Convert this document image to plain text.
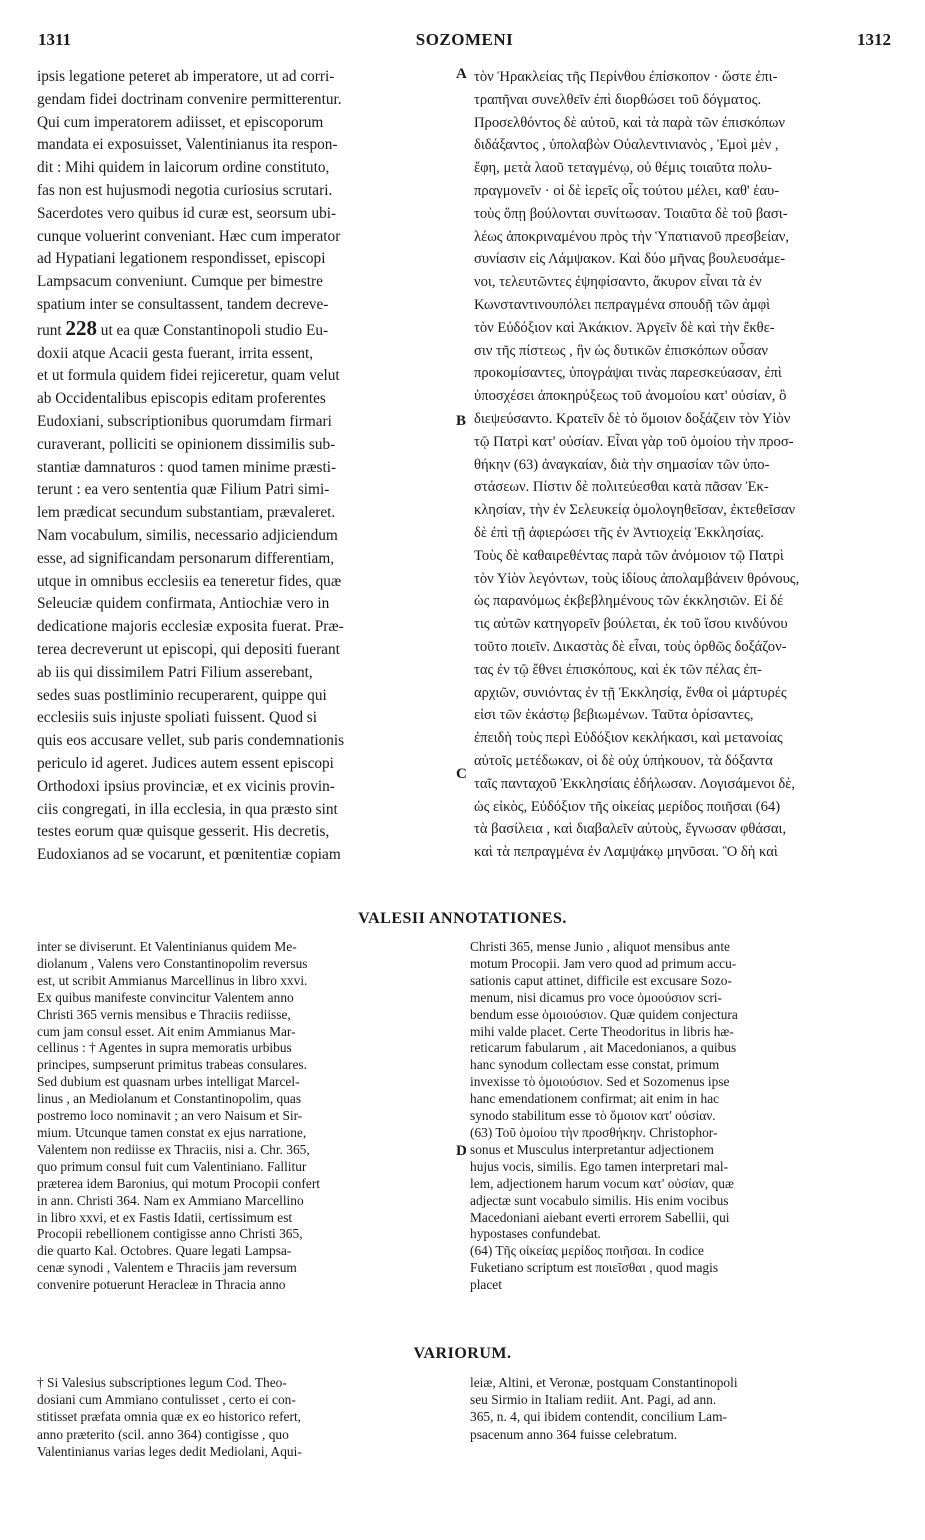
1311	SOZOMENI	1312
ipsis legatione peteret ab imperatore, ut ad corri-
gendam fidei doctrinam convenire permitterentur.
Qui cum imperatorem adiisset, et episcoporum
mandata ei exposuisset, Valentinianus ita respon-
dit : Mihi quidem in laicorum ordine constituto,
fas non est hujusmodi negotia curiosius scrutari.
Sacerdotes vero quibus id curæ est, seorsum ubi-
cunque voluerint conveniant. Hæc cum imperator
ad Hypatiani legationem respondisset, episcopi
Lampsacum conveniunt. Cumque per bimestre
spatium inter se consultassent, tandem decreve-
runt 228 ut ea quæ Constantinopoli studio Eu-
doxii atque Acacii gesta fuerant, irrita essent,
et ut formula quidem fidei rejiceretur, quam velut
ab Occidentalibus episcopis editam proferentes
Eudoxiani, subscriptionibus quorumdam firmari
curaverant, polliciti se opinionem dissimilis sub-
stantiæ damnaturos : quod tamen minime præsti-
terunt : ea vero sententia quæ Filium Patri simi-
lem prædicat secundum substantiam, prævaleret.
Nam vocabulum, similis, necessario adjiciendum
esse, ad significandam personarum differentiam,
utque in omnibus ecclesiis ea teneretur fides, quæ
Seleuciæ quidem confirmata, Antiochiæ vero in
dedicatione majoris ecclesiæ exposita fuerat. Præ-
terea decreverunt ut episcopi, qui depositi fuerant
ab iis qui dissimilem Patri Filium asserebant,
sedes suas postliminio recuperarent, quippe qui
ecclesiis suis injuste spoliati fuissent. Quod si
quis eos accusare vellet, sub paris condemnationis
periculo id ageret. Judices autem essent episcopi
Orthodoxi ipsius provinciæ, et ex vicinis provin-
ciis congregati, in illa ecclesia, in qua præsto sint
testes eorum quæ quisque gesserit. His decretis,
Eudoxianos ad se vocarunt, et pœnitentiæ copiam
τὸν Ἡρακλείας τῆς Περίνθου ἐπίσκοπον · ὥστε ἐπι-
τραπῆναι συνελθεῖν ἐπὶ διορθώσει τοῦ δόγματος.
Προσελθόντος δὲ αὐτοῦ, καὶ τὰ παρὰ τῶν ἐπισκόπων
διδάξαντος , ὑπολαβὼν Οὐαλεντινιανὸς , Ἐμοὶ μὲν ,
ἔφη, μετὰ λαοῦ τεταγμένῳ, οὐ θέμις τοιαῦτα πολυ-
πραγμονεῖν · οἱ δὲ ἱερεῖς οἷς τούτου μέλει, καθ' ἑαυ-
τοὺς ὅπῃ βούλονται συνίτωσαν. Τοιαῦτα δὲ τοῦ βασι-
λέως ἀποκριναμένου πρὸς τὴν Ὑπατιανοῦ πρεσβείαν,
συνίασιν εἰς Λάμψακον. Καὶ δύο μῆνας βουλευσάμε-
νοι, τελευτῶντες ἐψηφίσαντο, ἄκυρον εἶναι τὰ ἐν
Κωνσταντινουπόλει πεπραγμένα σπουδῇ τῶν ἀμφὶ
τὸν Εὐδόξιον καὶ Ἀκάκιον. Ἀργεῖν δὲ καὶ τὴν ἔκθε-
σιν τῆς πίστεως , ἣν ὡς δυτικῶν ἐπισκόπων οὖσαν
προκομίσαντες, ὑπογράψαι τινὰς παρεσκεύασαν, ἐπὶ
ὑποσχέσει ἀποκηρύξεως τοῦ ἀνομοίου κατ' οὐσίαν, ὃ
διεψεύσαντο. Κρατεῖν δὲ τὸ ὅμοιον δοξάζειν τὸν Υἱὸν
τῷ Πατρὶ κατ' οὐσίαν. Εἶναι γὰρ τοῦ ὁμοίου τὴν προσ-
θήκην (63) ἀναγκαίαν, διὰ τὴν σημασίαν τῶν ὑπο-
στάσεων. Πίστιν δὲ πολιτεύεσθαι κατὰ πᾶσαν Ἐκ-
κλησίαν, τὴν ἐν Σελευκείᾳ ὁμολογηθεῖσαν, ἐκτεθεῖσαν
δὲ ἐπὶ τῇ ἀφιερώσει τῆς ἐν Ἀντιοχείᾳ Ἐκκλησίας.
Τοὺς δὲ καθαιρεθέντας παρὰ τῶν ἀνόμοιον τῷ Πατρὶ
τὸν Υἱὸν λεγόντων, τοὺς ἰδίους ἀπολαμβάνειν θρόνους,
ὡς παρανόμως ἐκβεβλημένους τῶν ἐκκλησιῶν. Εἰ δέ
τις αὐτῶν κατηγορεῖν βούλεται, ἐκ τοῦ ἴσου κινδύνου
τοῦτο ποιεῖν. Δικαστὰς δὲ εἶναι, τοὺς ὀρθῶς δοξάζον-
τας ἐν τῷ ἔθνει ἐπισκόπους, καὶ ἐκ τῶν πέλας ἐπ-
αρχιῶν, συνιόντας ἐν τῇ Ἐκκλησίᾳ, ἔνθα οἱ μάρτυρές
εἰσι τῶν ἑκάστῳ βεβιωμένων. Ταῦτα ὁρίσαντες,
ἐπειδὴ τοὺς περὶ Εὐδόξιον κεκλήκασι, καὶ μετανοίας
αὐτοῖς μετέδωκαν, οἱ δὲ οὐχ ὑπήκουον, τὰ δόξαντα
ταῖς πανταχοῦ Ἐκκλησίαις ἐδήλωσαν. Λογισάμενοι δὲ,
ὡς εἰκὸς, Εὐδόξιον τῆς οἰκείας μερίδος ποιῆσαι (64)
τὰ βασίλεια , καὶ διαβαλεῖν αὐτοὺς, ἔγνωσαν φθάσαι,
καὶ τὰ πεπραγμένα ἐν Λαμψάκῳ μηνῦσαι. Ὃ δὴ καὶ
A
B
C
D
VALESII ANNOTATIONES.
inter se diviserunt. Et Valentinianus quidem Me-
diolanum , Valens vero Constantinopolim reversus
est, ut scribit Ammianus Marcellinus in libro xxvi.
Ex quibus manifeste convincitur Valentem anno
Christi 365 vernis mensibus e Thraciis rediisse,
cum jam consul esset. Ait enim Ammianus Mar-
cellinus : † Agentes in supra memoratis urbibus
principes, sumpserunt primitus trabeas consulares.
Sed dubium est quasnam urbes intelligat Marcel-
linus , an Mediolanum et Constantinopolim, quas
postremo loco nominavit ; an vero Naisum et Sir-
mium. Utcunque tamen constat ex ejus narratione,
Valentem non rediisse ex Thraciis, nisi a. Chr. 365,
quo primum consul fuit cum Valentiniano. Fallitur
præterea idem Baronius, qui motum Procopii confert
in ann. Christi 364. Nam ex Ammiano Marcellino
in libro xxvi, et ex Fastis Idatii, certissimum est
Procopii rebellionem contigisse anno Christi 365,
die quarto Kal. Octobres. Quare legati Lampsa-
cenæ synodi , Valentem e Thraciis jam reversum
convenire potuerunt Heracleæ in Thracia anno
Christi 365, mense Junio , aliquot mensibus ante
motum Procopii. Jam vero quod ad primum accu-
sationis caput attinet, difficile est excusare Sozo-
menum, nisi dicamus pro voce ὁμοούσιον scri-
bendum esse ὁμοιούσιον. Quæ quidem conjectura
mihi valde placet. Certe Theodoritus in libris hæ-
reticarum fabularum , ait Macedonianos, a quibus
hanc synodum collectam esse constat, primum
invexisse τὸ ὁμοιούσιον. Sed et Sozomenus ipse
hanc emendationem confirmat; ait enim in hac
synodo stabilitum esse τὸ ὅμοιον κατ' οὐσίαν.
(63) Τοῦ ὁμοίου τὴν προσθήκην. Christophor-
sonus et Musculus interpretantur adjectionem
hujus vocis, similis. Ego tamen interpretari mal-
lem, adjectionem harum vocum κατ' οὐσίαν, quæ
adjectæ sunt vocabulo similis. His enim vocibus
Macedoniani aiebant everti errorem Sabellii, qui
hypostases confundebat.
(64) Τῆς οἰκείας μερίδος ποιῆσαι. In codice
Fuketiano scriptum est ποιεῖσθαι , quod magis
placet
VARIORUM.
† Si Valesius subscriptiones legum Cod. Theo-
dosiani cum Ammiano contulisset , certo ei con-
stitisset præfata omnia quæ ex eo historico refert,
anno præterito (scil. anno 364) contigisse , quo
Valentinianus varias leges dedit Mediolani, Aqui-
leiæ, Altini, et Veronæ, postquam Constantinopoli
seu Sirmio in Italiam rediit. Ant. Pagi, ad ann.
365, n. 4, qui ibidem contendit, concilium Lam-
psacenum anno 364 fuisse celebratum.
